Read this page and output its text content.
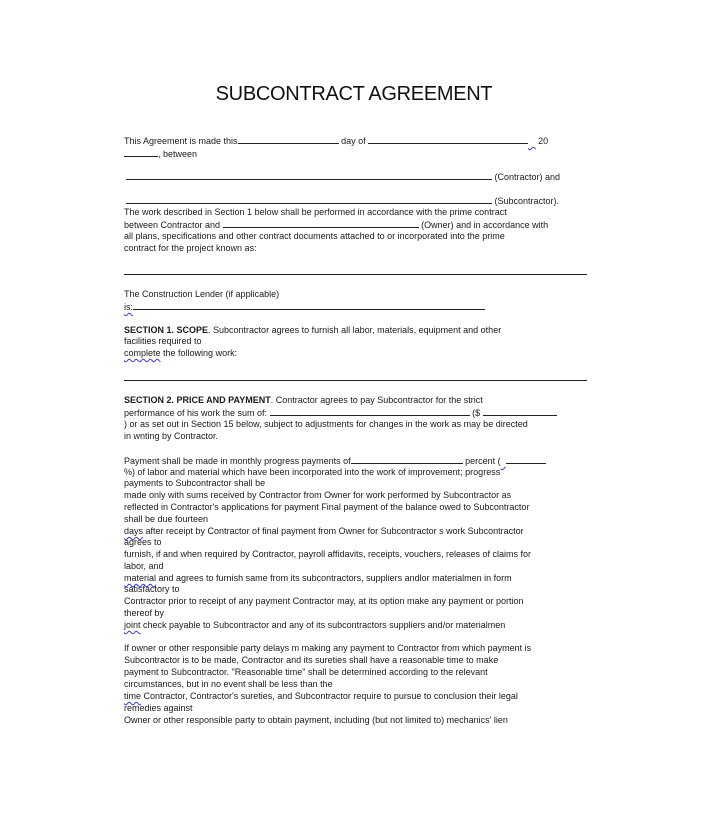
SUBCONTRACT AGREEMENT
This Agreement is made this	day of	20
, between
(Contractor) and
(Subcontractor).
The work described in Section 1 below shall be performed in accordance with the prime contract
between Contractor and	(Owner) and in accordance with
all plans, specifications and other contract documents attached to or incorporated into the prime
contract for the project known as:
The Construction Lender (if applicable)
is:
SECTION 1. SCOPE. Subcontractor agrees to furnish all labor, materials, equipment and other
facilities required to
complete the following work:
SECTION 2. PRICE AND PAYMENT. Contractor agrees to pay Subcontractor for the strict
performance of his work the sum of:	($
) or as set out in Section 15 below, subject to adjustments for changes in the work as may be directed
in wnting by Contractor.
Payment shall be made in monthly progress payments of	percent (
%) of labor and material which have been incorporated into the work of improvement; progress
payments to Subcontractor shall be
made only with sums received by Contractor from Owner for work performed by Subcontractor as
reflected in Contractor's applications for payment Final payment of the balance owed to Subcontractor
shall be due fourteen
days after receipt by Contractor of final payment from Owner for Subcontractor s work Subcontractor
agrees to
furnish, if and when required by Contractor, payroll affidavits, receipts, vouchers, releases of claims for
labor, and
material and agrees to furnish same from its subcontractors, suppliers andlor materialmen in form
satisfactory to
Contractor prior to receipt of any payment Contractor may, at its option make any payment or portion
thereof by
joint check payable to Subcontractor and any of its subcontractors suppliers and/or materialmen
If owner or other responsible party delays m making any payment to Contractor from which payment is
Subcontractor is to be made, Contractor and its sureties shall have a reasonable time to make
payment to Subcontractor. "Reasonable time" shall be determined according to the relevant
circumstances, but in no event shall be less than the
time Contractor, Contractor's sureties, and Subcontractor require to pursue to conclusion their legal
remedies against
Owner or other responsible party to obtain payment, including (but not limited to) mechanics' lien
